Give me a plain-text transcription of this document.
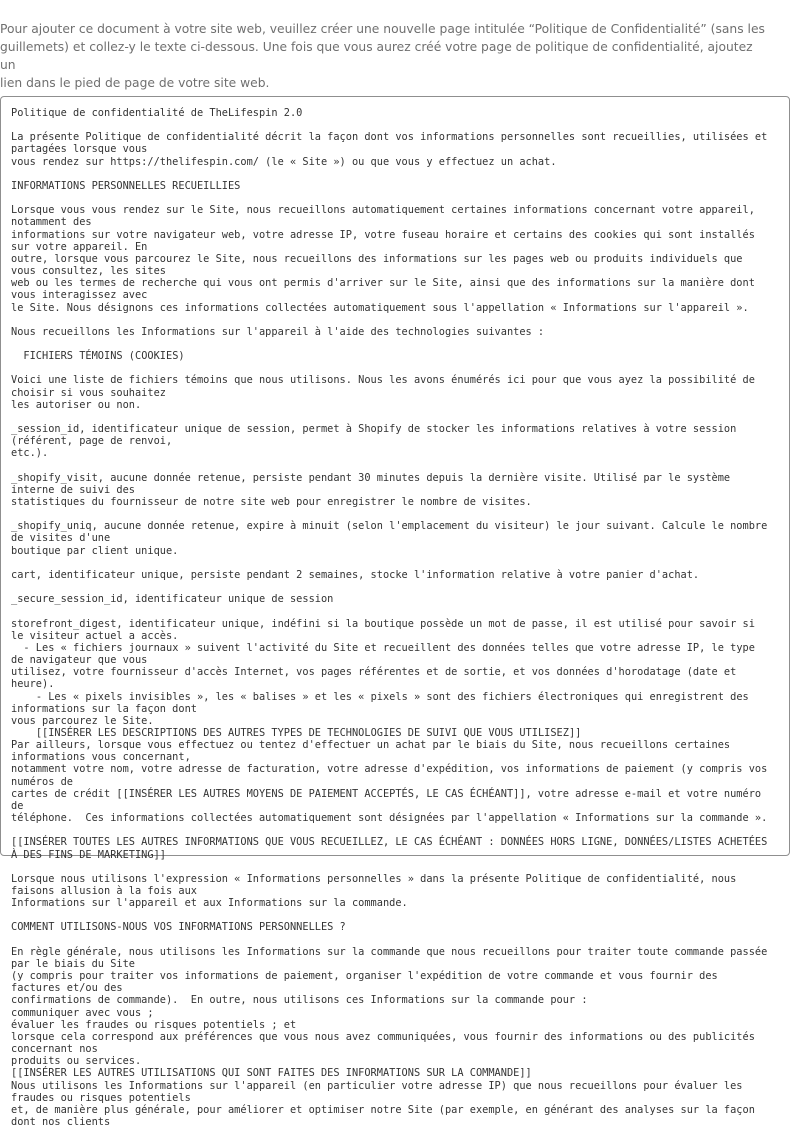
Pour ajouter ce document à votre site web, veuillez créer une nouvelle page intitulée “Politique de Confidentialité” (sans les
guillemets) et collez-y le texte ci-dessous. Une fois que vous aurez créé votre page de politique de confidentialité, ajoutez un
lien dans le pied de page de votre site web.
Politique de confidentialité de TheLifespin 2.0

La présente Politique de confidentialité décrit la façon dont vos informations personnelles sont recueillies, utilisées et partagées lorsque vous
vous rendez sur https://thelifespin.com/ (le « Site ») ou que vous y effectuez un achat.

INFORMATIONS PERSONNELLES RECUEILLIES

Lorsque vous vous rendez sur le Site, nous recueillons automatiquement certaines informations concernant votre appareil, notamment des
informations sur votre navigateur web, votre adresse IP, votre fuseau horaire et certains des cookies qui sont installés sur votre appareil. En
outre, lorsque vous parcourez le Site, nous recueillons des informations sur les pages web ou produits individuels que vous consultez, les sites
web ou les termes de recherche qui vous ont permis d'arriver sur le Site, ainsi que des informations sur la manière dont vous interagissez avec
le Site. Nous désignons ces informations collectées automatiquement sous l'appellation « Informations sur l'appareil ».

Nous recueillons les Informations sur l'appareil à l'aide des technologies suivantes :

FICHIERS TÉMOINS (COOKIES)

Voici une liste de fichiers témoins que nous utilisons. Nous les avons énumérés ici pour que vous ayez la possibilité de choisir si vous souhaitez
les autoriser ou non.

_session_id, identificateur unique de session, permet à Shopify de stocker les informations relatives à votre session (référent, page de renvoi,
etc.).

_shopify_visit, aucune donnée retenue, persiste pendant 30 minutes depuis la dernière visite. Utilisé par le système interne de suivi des
statistiques du fournisseur de notre site web pour enregistrer le nombre de visites.

_shopify_uniq, aucune donnée retenue, expire à minuit (selon l'emplacement du visiteur) le jour suivant. Calcule le nombre de visites d'une
boutique par client unique.

cart, identificateur unique, persiste pendant 2 semaines, stocke l'information relative à votre panier d'achat.

_secure_session_id, identificateur unique de session

storefront_digest, identificateur unique, indéfini si la boutique possède un mot de passe, il est utilisé pour savoir si le visiteur actuel a accès.
- Les « fichiers journaux » suivent l'activité du Site et recueillent des données telles que votre adresse IP, le type de navigateur que vous
utilisez, votre fournisseur d'accès Internet, vos pages référentes et de sortie, et vos données d'horodatage (date et heure).
- Les « pixels invisibles », les « balises » et les « pixels » sont des fichiers électroniques qui enregistrent des informations sur la façon dont
vous parcourez le Site.
[[INSÉRER LES DESCRIPTIONS DES AUTRES TYPES DE TECHNOLOGIES DE SUIVI QUE VOUS UTILISEZ]]
Par ailleurs, lorsque vous effectuez ou tentez d'effectuer un achat par le biais du Site, nous recueillons certaines informations vous concernant,
notamment votre nom, votre adresse de facturation, votre adresse d'expédition, vos informations de paiement (y compris vos numéros de
cartes de crédit [[INSÉRER LES AUTRES MOYENS DE PAIEMENT ACCEPTÉS, LE CAS ÉCHÉANT]], votre adresse e-mail et votre numéro de
téléphone.  Ces informations collectées automatiquement sont désignées par l'appellation « Informations sur la commande ».

[[INSÉRER TOUTES LES AUTRES INFORMATIONS QUE VOUS RECUEILLEZ, LE CAS ÉCHÉANT : DONNÉES HORS LIGNE, DONNÉES/LISTES ACHETÉES
À DES FINS DE MARKETING]]

Lorsque nous utilisons l'expression « Informations personnelles » dans la présente Politique de confidentialité, nous faisons allusion à la fois aux
Informations sur l'appareil et aux Informations sur la commande.

COMMENT UTILISONS-NOUS VOS INFORMATIONS PERSONNELLES ?

En règle générale, nous utilisons les Informations sur la commande que nous recueillons pour traiter toute commande passée par le biais du Site
(y compris pour traiter vos informations de paiement, organiser l'expédition de votre commande et vous fournir des factures et/ou des
confirmations de commande).  En outre, nous utilisons ces Informations sur la commande pour :
communiquer avec vous ;
évaluer les fraudes ou risques potentiels ; et
lorsque cela correspond aux préférences que vous nous avez communiquées, vous fournir des informations ou des publicités concernant nos
produits ou services.
[[INSÉRER LES AUTRES UTILISATIONS QUI SONT FAITES DES INFORMATIONS SUR LA COMMANDE]]
Nous utilisons les Informations sur l'appareil (en particulier votre adresse IP) que nous recueillons pour évaluer les fraudes ou risques potentiels
et, de manière plus générale, pour améliorer et optimiser notre Site (par exemple, en générant des analyses sur la façon dont nos clients
